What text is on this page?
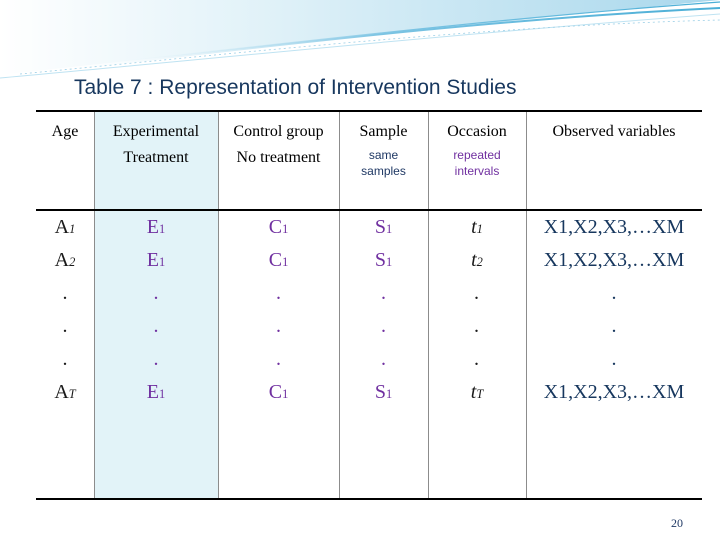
Table 7 : Representation of Intervention Studies
Age	Experimental
Treatment
Control group
No treatment
Sample
same
samples
Occasion
repeated
intervals
Observed variables
A1
A2
.
.
.
AT
E1
E1
.
.
.
E1
C1
C1
.
.
.
C1
S1
S1
.
.
.
S1
t1
t2
.
.
.
tT
X1,X2,X3,…XM
X1,X2,X3,…XM
.
.
.
X1,X2,X3,…XM
20
